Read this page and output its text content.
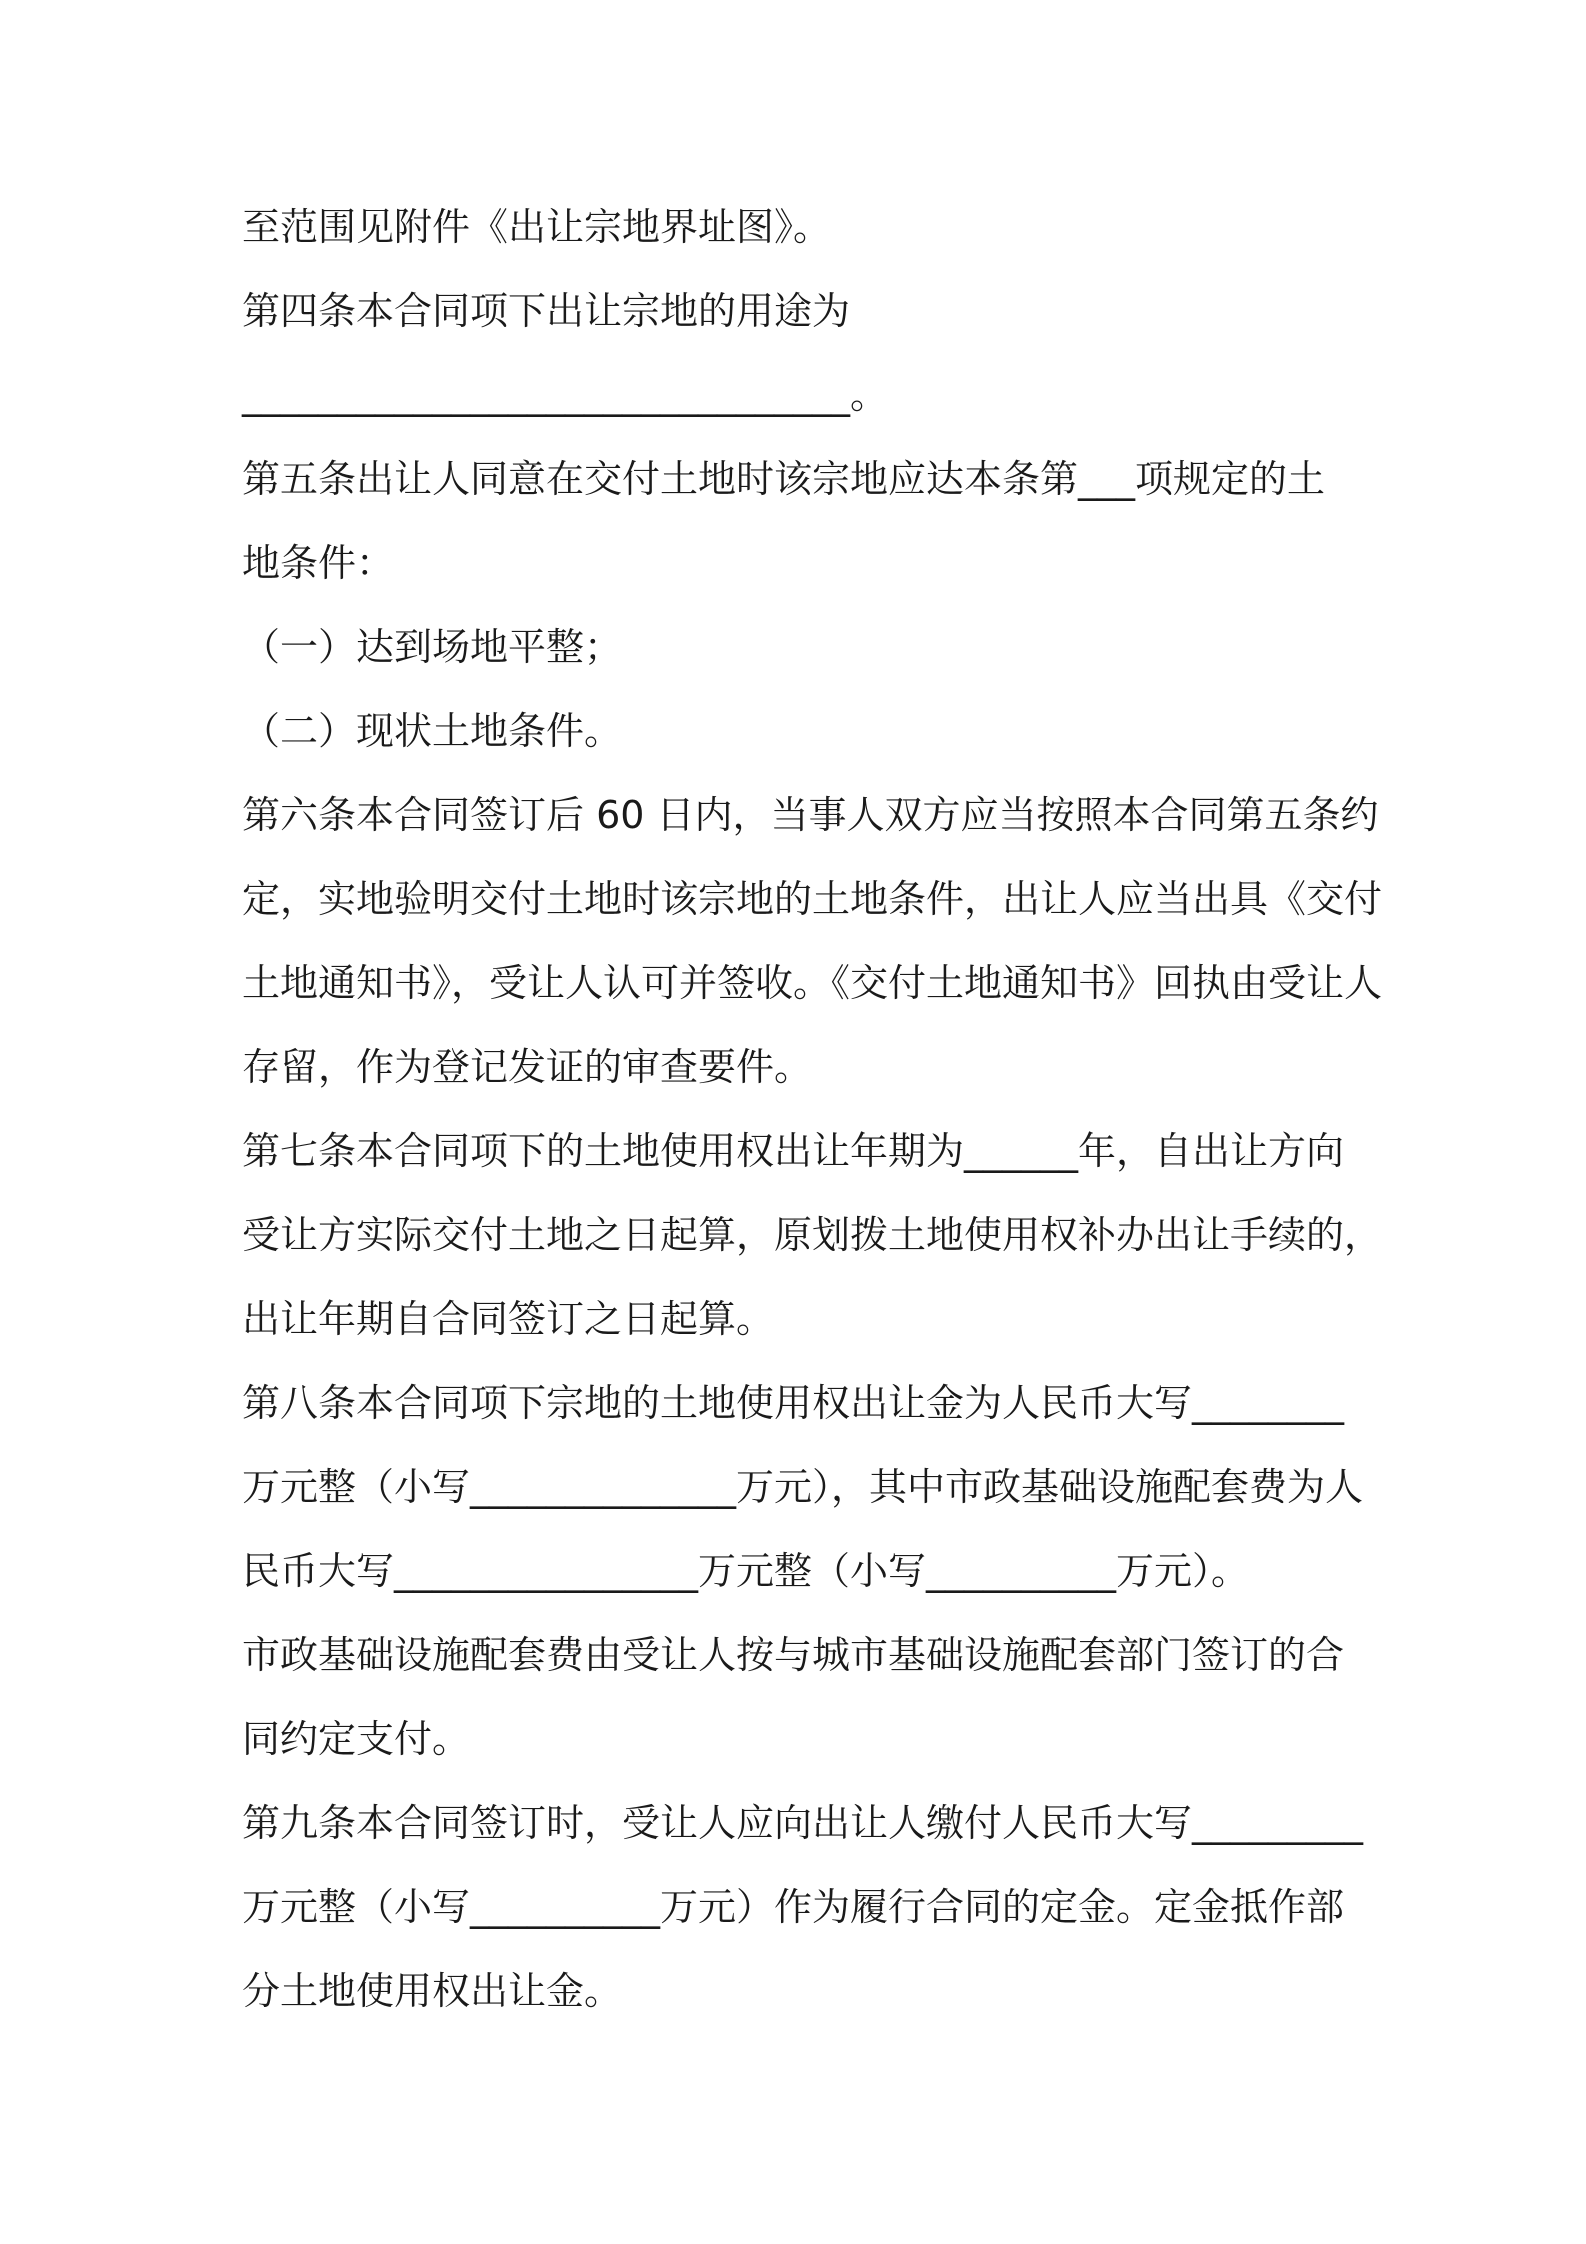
至范围见附件《出让宗地界址图》。
第四条本合同项下出让宗地的用途为
________________________________。
第五条出让人同意在交付土地时该宗地应达本条第___项规定的土
地条件：
（一）达到场地平整；
（二）现状土地条件。
第六条本合同签订后 60 日内，当事人双方应当按照本合同第五条约
定，实地验明交付土地时该宗地的土地条件，出让人应当出具《交付
土地通知书》，受让人认可并签收。《交付土地通知书》回执由受让人
存留，作为登记发证的审查要件。
第七条本合同项下的土地使用权出让年期为______年，自出让方向
受让方实际交付土地之日起算，原划拨土地使用权补办出让手续的，
出让年期自合同签订之日起算。
第八条本合同项下宗地的土地使用权出让金为人民币大写________
万元整（小写______________万元），其中市政基础设施配套费为人
民币大写________________万元整（小写__________万元）。
市政基础设施配套费由受让人按与城市基础设施配套部门签订的合
同约定支付。
第九条本合同签订时，受让人应向出让人缴付人民币大写_________
万元整（小写__________万元）作为履行合同的定金。定金抵作部
分土地使用权出让金。
